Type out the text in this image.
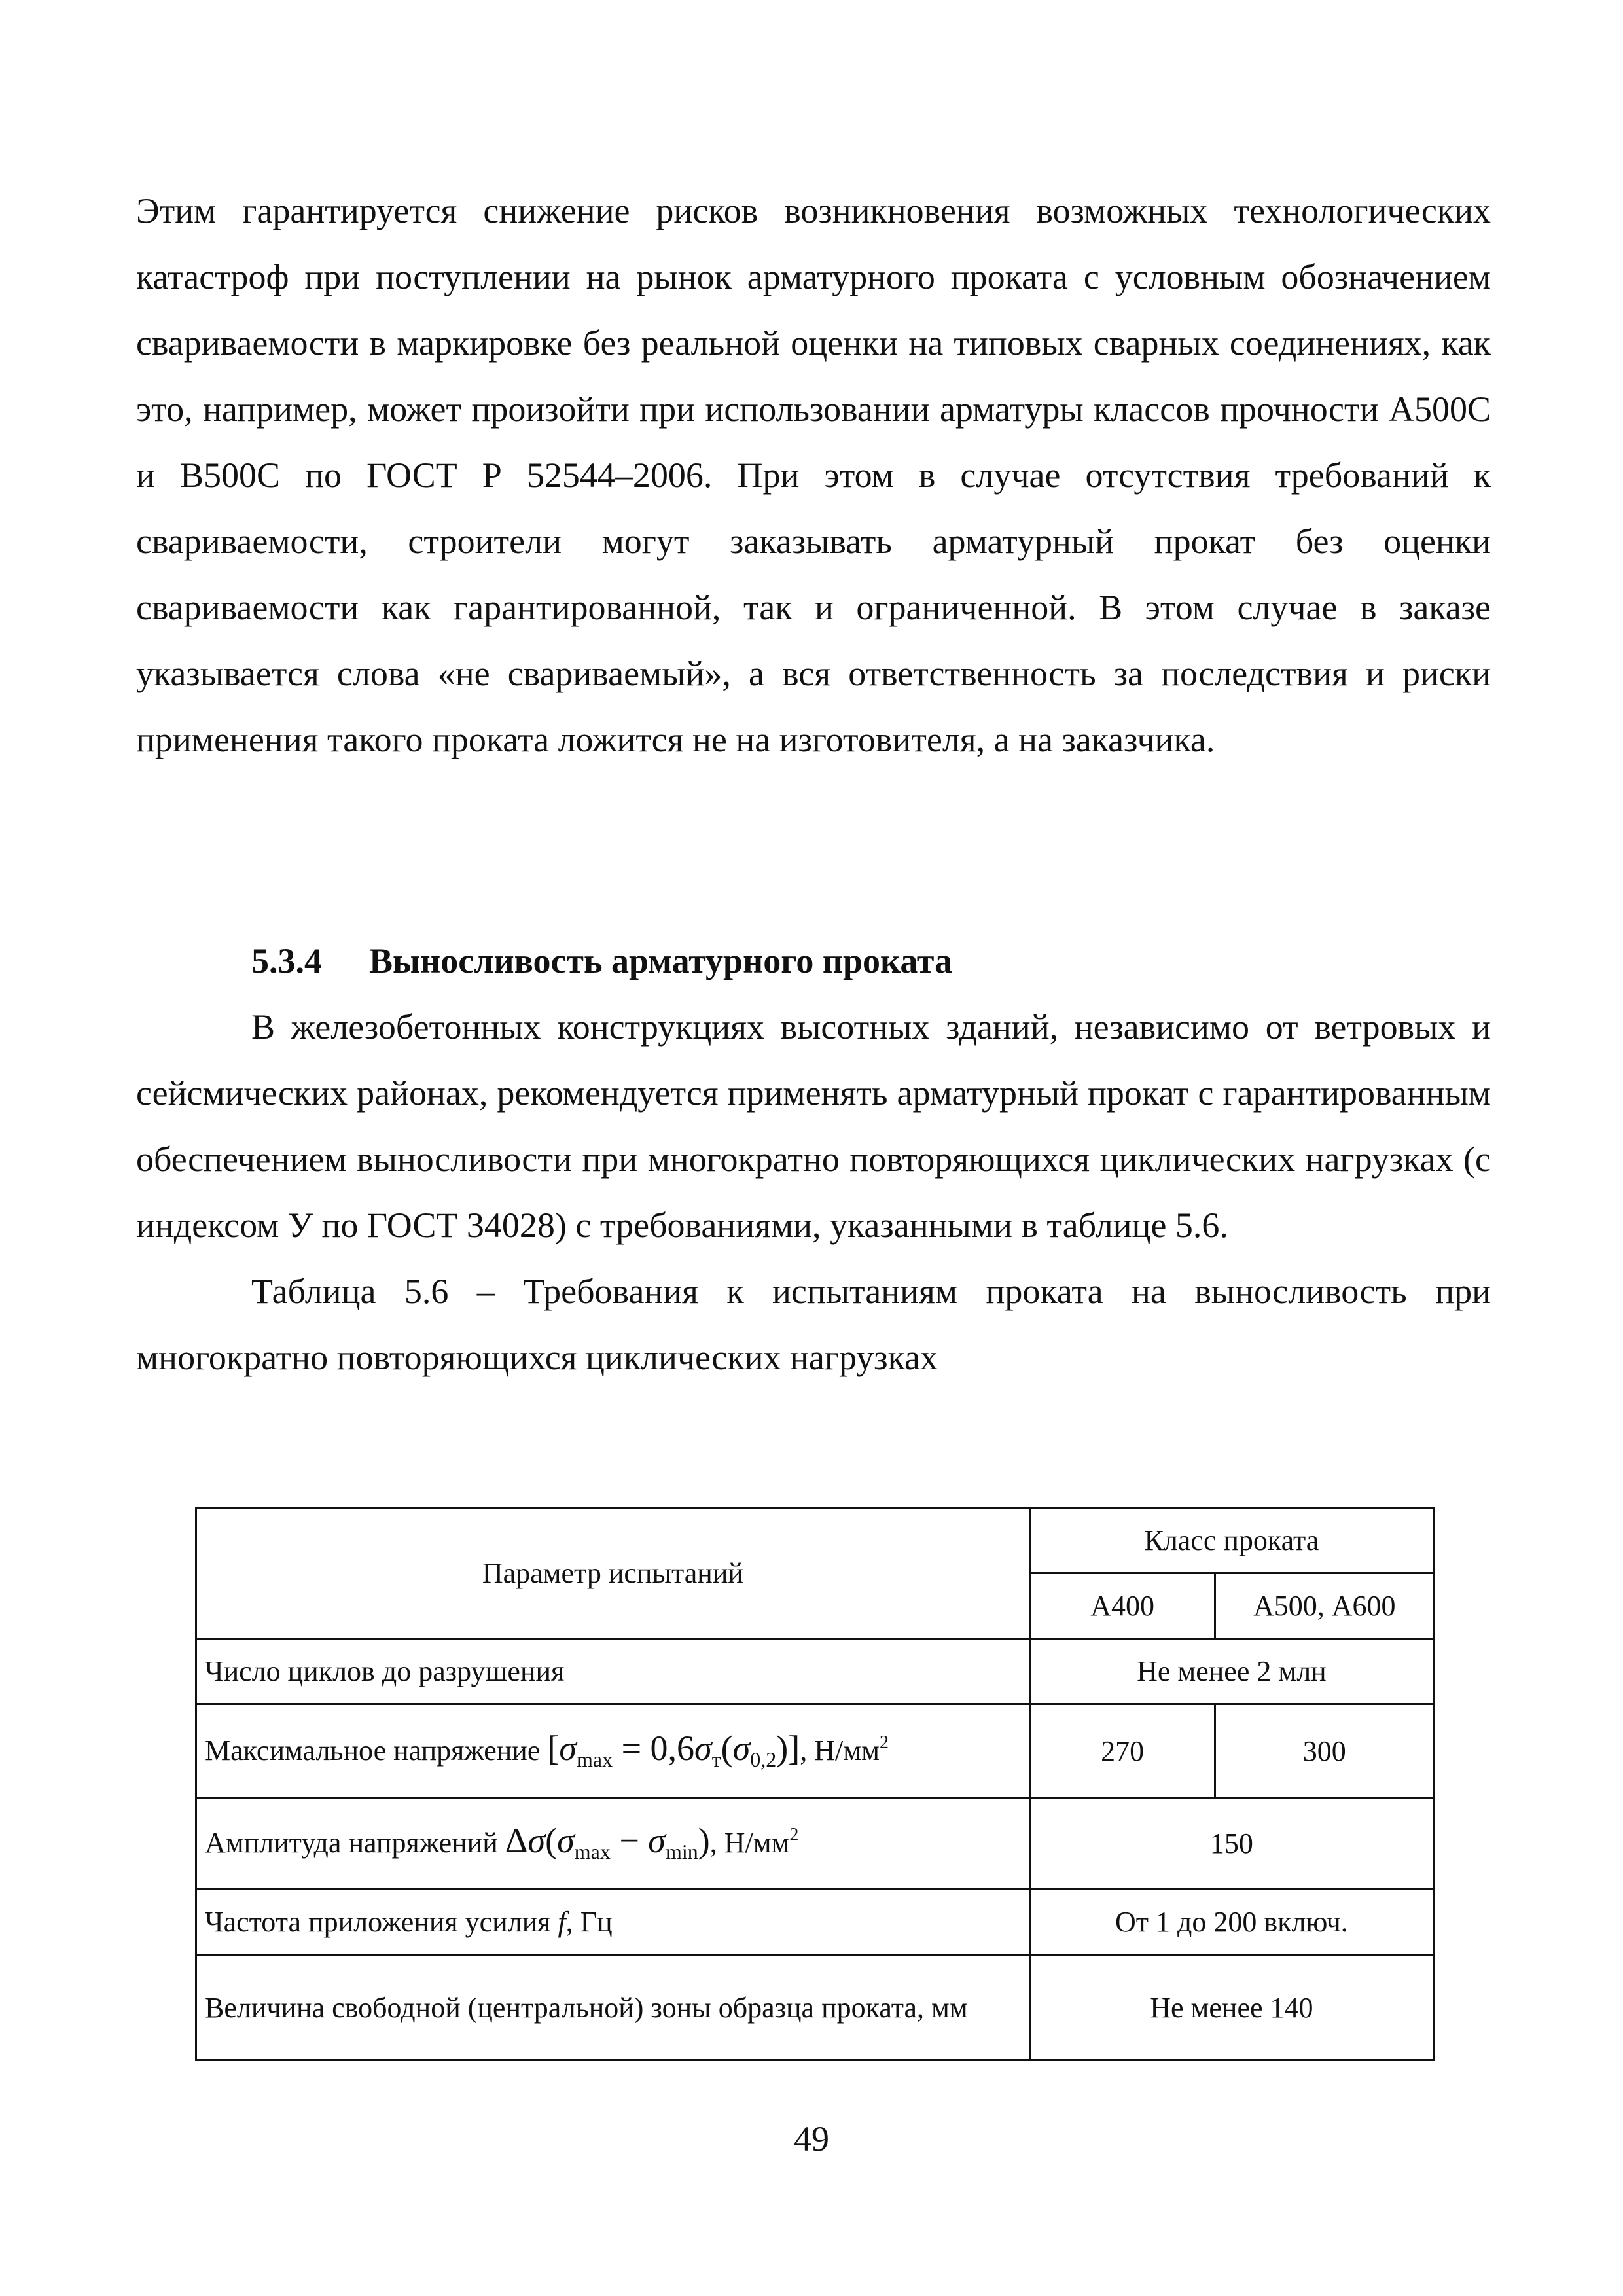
Этим гарантируется снижение рисков возникновения возможных технологических катастроф при поступлении на рынок арматурного проката с условным обозначением свариваемости в маркировке без реальной оценки на типовых сварных соединениях, как это, например, может произойти при использовании арматуры классов прочности А500С и В500С по ГОСТ Р 52544–2006. При этом в случае отсутствия требований к свариваемости, строители могут заказывать арматурный прокат без оценки свариваемости как гарантированной, так и ограниченной. В этом случае в заказе указывается слова «не свариваемый», а вся ответственность за последствия и риски применения такого проката ложится не на изготовителя, а на заказчика.

5.3.4 Выносливость арматурного проката

В железобетонных конструкциях высотных зданий, независимо от ветровых и сейсмических районах, рекомендуется применять арматурный прокат с гарантированным обеспечением выносливости при многократно повторяющихся циклических нагрузках (с индексом У по ГОСТ 34028) с требованиями, указанными в таблице 5.6.

Таблица 5.6 – Требования к испытаниям проката на выносливость при многократно повторяющихся циклических нагрузках

Параметр испытаний	Класс проката	
	А400	А500, А600
Число циклов до разрушения	Не менее 2 млн	
Максимальное напряжение $[\sigma_{max} = 0,6\sigma_т(\sigma_{0,2})]$, $Н/мм^2$	270	300
Амплитуда напряжений $\Delta\sigma(\sigma_{max} - \sigma_{min})$, $Н/мм^2$	150	
Частота приложения усилия f, Гц	От 1 до 200 включ.	
Величина свободной (центральной) зоны образца проката, мм	Не менее 140	
49
